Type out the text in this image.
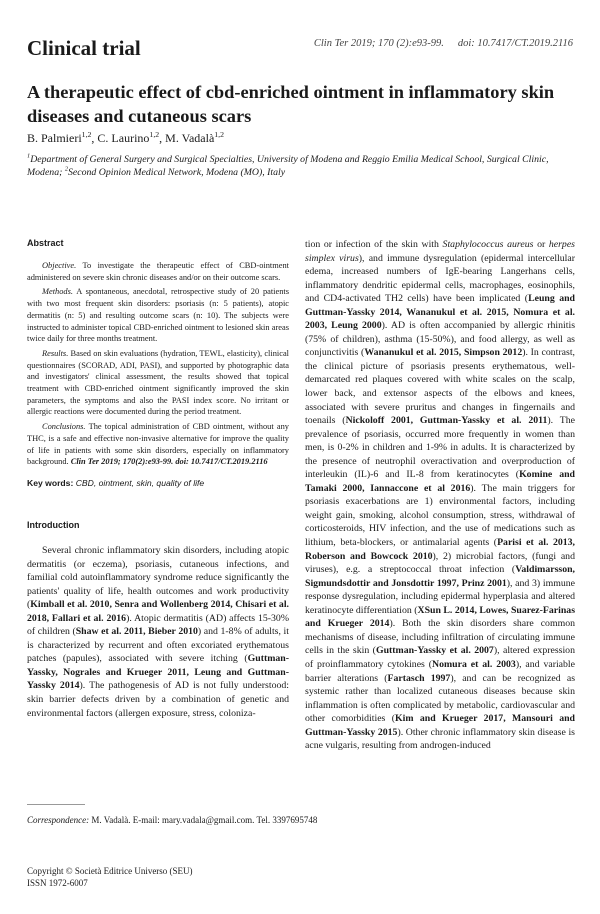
Clinical trial	Clin Ter 2019; 170 (2):e93-99. doi: 10.7417/CT.2019.2116
A therapeutic effect of cbd-enriched ointment in inflammatory skin diseases and cutaneous scars
B. Palmieri$^{1,2}$, C. Laurino$^{1,2}$, M. Vadalà$^{1,2}$
$^1$Department of General Surgery and Surgical Specialties, University of Modena and Reggio Emilia Medical School, Surgical Clinic, Modena; $^2$Second Opinion Medical Network, Modena (MO), Italy
Abstract

Objective. To investigate the therapeutic effect of CBD-ointment administered on severe skin chronic diseases and/or on their outcome scars.

Methods. A spontaneous, anecdotal, retrospective study of 20 patients with two most frequent skin disorders: psoriasis (n: 5 patients), atopic dermatitis (n: 5) and resulting outcome scars (n: 10). The subjects were instructed to administer topical CBD-enriched ointment to lesioned skin areas twice daily for three months treatment.

Results. Based on skin evaluations (hydration, TEWL, elasticity), clinical questionnaires (SCORAD, ADI, PASI), and supported by photographic data and investigators' clinical assessment, the results showed that topical treatment with CBD-enriched ointment significantly improved the skin parameters, the symptoms and also the PASI index score. No irritant or allergic reactions were documented during the period treatment.

Conclusions. The topical administration of CBD ointment, without any THC, is a safe and effective non-invasive alternative for improve the quality of life in patients with some skin disorders, especially on inflammatory background. Clin Ter 2019; 170(2):e93-99. doi: 10.7417/CT.2019.2116

Key words: CBD, ointment, skin, quality of life
Introduction

Several chronic inflammatory skin disorders, including atopic dermatitis (or eczema), psoriasis, cutaneous infections, and familial cold autoinflammatory syndrome reduce significantly the patients' quality of life, health outcomes and work productivity (Kimball et al. 2010, Senra and Wollenberg 2014, Chisari et al. 2018, Fallari et al. 2016). Atopic dermatitis (AD) affects 15-30% of children (Shaw et al. 2011, Bieber 2010) and 1-8% of adults, it is characterized by recurrent and often excoriated erythematous patches (papules), associated with severe itching (Guttman-Yassky, Nograles and Krueger 2011, Leung and Guttman-Yassky 2014). The pathogenesis of AD is not fully understood: skin barrier defects driven by a combination of genetic and environmental factors (allergen exposure, stress, coloniza-

tion or infection of the skin with Staphylococcus aureus or herpes simplex virus), and immune dysregulation (epidermal intercellular edema, increased numbers of IgE-bearing Langerhans cells, inflammatory dendritic epidermal cells, macrophages, eosinophils, and CD4-activated TH2 cells) have been implicated (Leung and Guttman-Yassky 2014, Wananukul et al. 2015, Nomura et al. 2003, Leung 2000). AD is often accompanied by allergic rhinitis (75% of children), asthma (15-50%), and food allergy, as well as conjunctivitis (Wananukul et al. 2015, Simpson 2012). In contrast, the clinical picture of psoriasis presents erythematous, well-demarcated red plaques covered with white scales on the scalp, lower back, and extensor aspects of the elbows and knees, associated with severe pruritus and changes in fingernails and toenails (Nickoloff 2001, Guttman-Yassky et al. 2011). The prevalence of psoriasis, occurred more frequently in women than men, is 0-2% in children and 1-9% in adults. It is characterized by the presence of neutrophil overactivation and overproduction of interleukin (IL)-6 and IL-8 from keratinocytes (Komine and Tamaki 2000, Iannaccone et al 2016). The main triggers for psoriasis exacerbations are 1) environmental factors, including weight gain, smoking, alcohol consumption, stress, withdrawal of corticosteroids, HIV infection, and the use of medications such as lithium, beta-blockers, or antimalarial agents (Parisi et al. 2013, Roberson and Bowcock 2010), 2) microbial factors, (fungi and viruses), e.g. a streptococcal throat infection (Valdimarsson, Sigmundsdottir and Jonsdottir 1997, Prinz 2001), and 3) immune response dysregulation, including epidermal hyperplasia and altered keratinocyte differentiation (XSun L. 2014, Lowes, Suarez-Farinas and Krueger 2014). Both the skin disorders share common mechanisms of disease, including infiltration of circulating immune cells in the skin (Guttman-Yassky et al. 2007), altered expression of proinflammatory cytokines (Nomura et al. 2003), and variable barrier alterations (Fartasch 1997), and can be recognized as systemic rather than localized cutaneous diseases because skin inflammation is often complicated by metabolic, cardiovascular and other comorbidities (Kim and Krueger 2017, Mansouri and Guttman-Yassky 2015). Other chronic inflammatory skin disease is acne vulgaris, resulting from androgen-induced

Correspondence: M. Vadalà. E-mail: mary.vadala@gmail.com. Tel. 3397695748
Copyright © Società Editrice Universo (SEU)
ISSN 1972-6007
